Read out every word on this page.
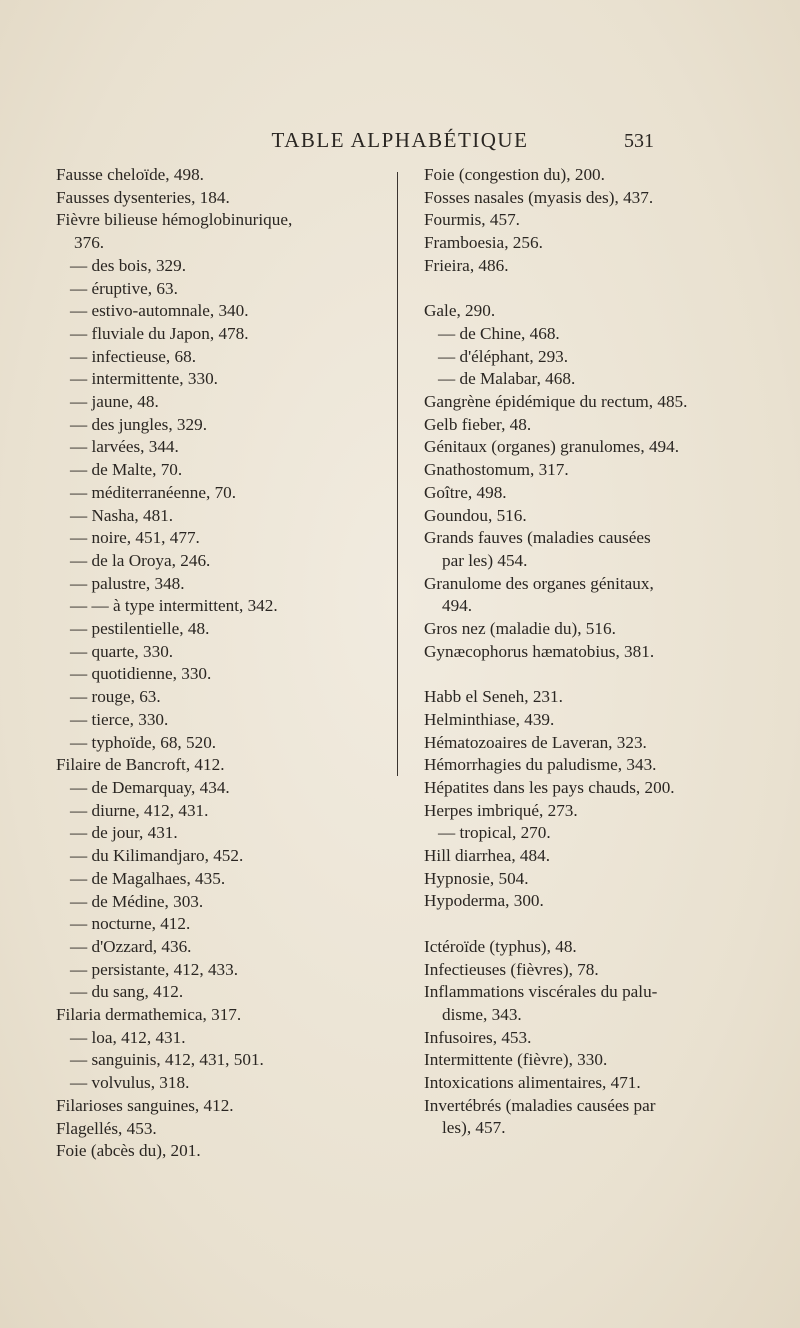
TABLE ALPHABÉTIQUE	531
Fausse cheloïde, 498.
Fausses dysenteries, 184.
Fièvre bilieuse hémoglobinurique,
376.
— des bois, 329.
— éruptive, 63.
— estivo-automnale, 340.
— fluviale du Japon, 478.
— infectieuse, 68.
— intermittente, 330.
— jaune, 48.
— des jungles, 329.
— larvées, 344.
— de Malte, 70.
— méditerranéenne, 70.
— Nasha, 481.
— noire, 451, 477.
— de la Oroya, 246.
— palustre, 348.
— — à type intermittent, 342.
— pestilentielle, 48.
— quarte, 330.
— quotidienne, 330.
— rouge, 63.
— tierce, 330.
— typhoïde, 68, 520.
Filaire de Bancroft, 412.
— de Demarquay, 434.
— diurne, 412, 431.
— de jour, 431.
— du Kilimandjaro, 452.
— de Magalhaes, 435.
— de Médine, 303.
— nocturne, 412.
— d'Ozzard, 436.
— persistante, 412, 433.
— du sang, 412.
Filaria dermathemica, 317.
— loa, 412, 431.
— sanguinis, 412, 431, 501.
— volvulus, 318.
Filarioses sanguines, 412.
Flagellés, 453.
Foie (abcès du), 201.
Foie (congestion du), 200.
Fosses nasales (myasis des), 437.
Fourmis, 457.
Framboesia, 256.
Frieira, 486.
Gale, 290.
— de Chine, 468.
— d'éléphant, 293.
— de Malabar, 468.
Gangrène épidémique du rectum, 485.
Gelb fieber, 48.
Génitaux (organes) granulomes, 494.
Gnathostomum, 317.
Goître, 498.
Goundou, 516.
Grands fauves (maladies causées
par les) 454.
Granulome des organes génitaux,
494.
Gros nez (maladie du), 516.
Gynæcophorus hæmatobius, 381.
Habb el Seneh, 231.
Helminthiase, 439.
Hématozoaires de Laveran, 323.
Hémorrhagies du paludisme, 343.
Hépatites dans les pays chauds, 200.
Herpes imbriqué, 273.
— tropical, 270.
Hill diarrhea, 484.
Hypnosie, 504.
Hypoderma, 300.
Ictéroïde (typhus), 48.
Infectieuses (fièvres), 78.
Inflammations viscérales du palu-
disme, 343.
Infusoires, 453.
Intermittente (fièvre), 330.
Intoxications alimentaires, 471.
Invertébrés (maladies causées par
les), 457.
